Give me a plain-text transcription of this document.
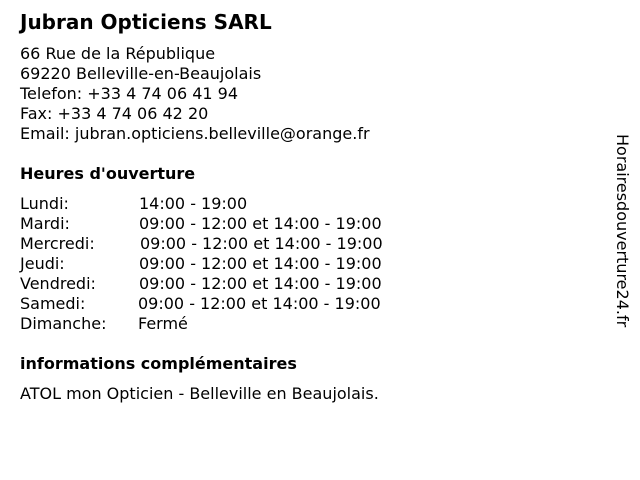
Jubran Opticiens SARL
66 Rue de la République
69220 Belleville-en-Beaujolais
Telefon: +33 4 74 06 41 94
Fax: +33 4 74 06 42 20
Email: jubran.opticiens.belleville@orange.fr
Heures d'ouverture
Lundi:	14:00 - 19:00
Mardi:	09:00 - 12:00 et 14:00 - 19:00
Mercredi:	09:00 - 12:00 et 14:00 - 19:00
Jeudi:	09:00 - 12:00 et 14:00 - 19:00
Vendredi:	09:00 - 12:00 et 14:00 - 19:00
Samedi:	09:00 - 12:00 et 14:00 - 19:00
Dimanche: Fermé
informations complémentaires
ATOL mon Opticien - Belleville en Beaujolais.
Horairesdouverture24.fr
